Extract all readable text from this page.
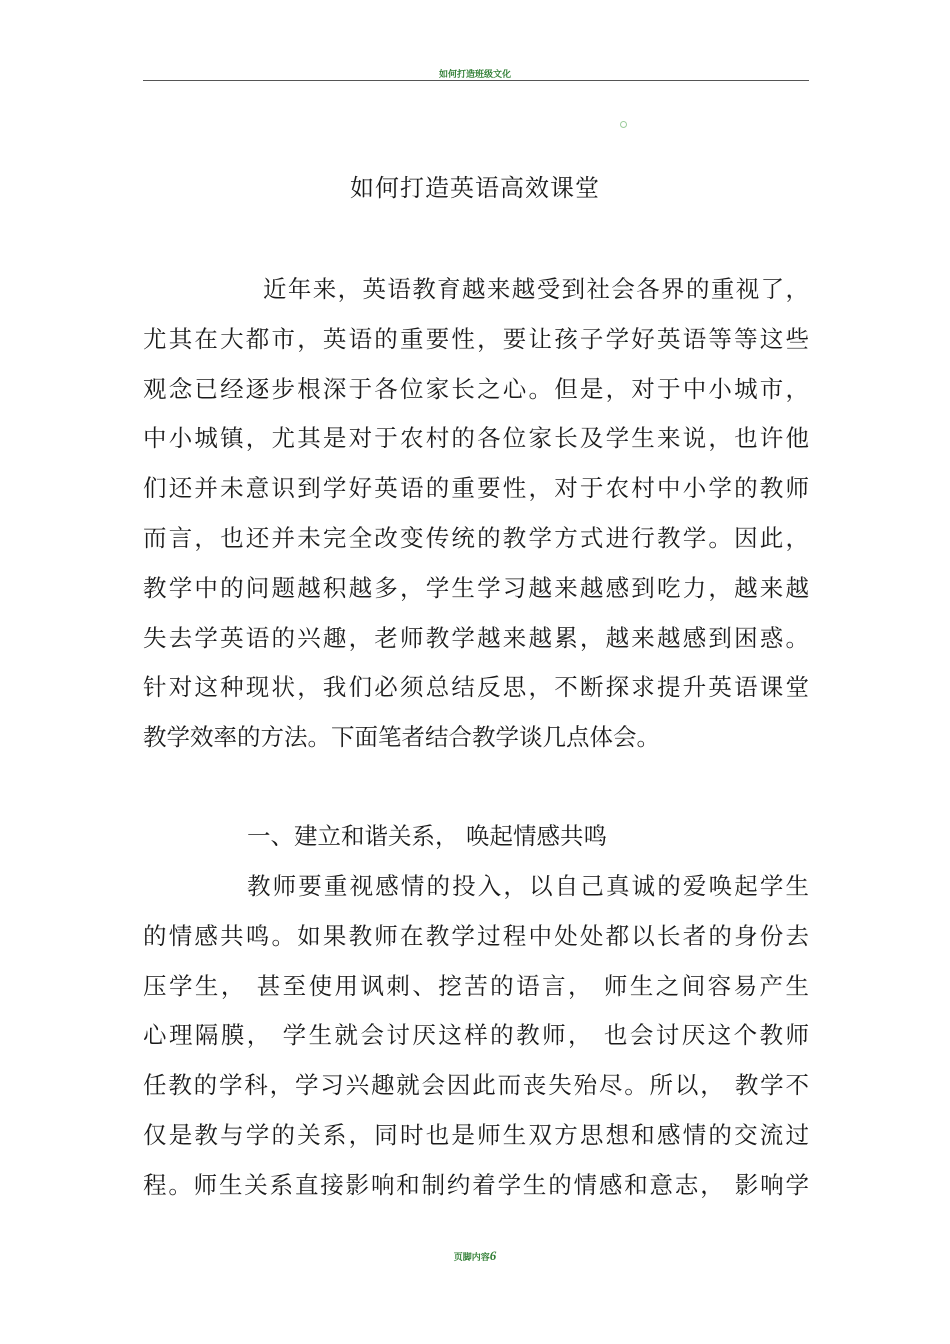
如何打造班级文化
如何打造英语高效课堂
近年来，英语教育越来越受到社会各界的重视了，
尤其在大都市，英语的重要性，要让孩子学好英语等等这些
观念已经逐步根深于各位家长之心。但是，对于中小城市，
中小城镇，尤其是对于农村的各位家长及学生来说，也许他
们还并未意识到学好英语的重要性，对于农村中小学的教师
而言，也还并未完全改变传统的教学方式进行教学。因此，
教学中的问题越积越多，学生学习越来越感到吃力，越来越
失去学英语的兴趣，老师教学越来越累，越来越感到困惑。
针对这种现状，我们必须总结反思，不断探求提升英语课堂
教学效率的方法。下面笔者结合教学谈几点体会。
一、建立和谐关系， 唤起情感共鸣
教师要重视感情的投入，以自己真诚的爱唤起学生
的情感共鸣。如果教师在教学过程中处处都以长者的身份去
压学生， 甚至使用讽刺、挖苦的语言， 师生之间容易产生
心理隔膜， 学生就会讨厌这样的教师， 也会讨厌这个教师
任教的学科，学习兴趣就会因此而丧失殆尽。所以， 教学不
仅是教与学的关系，同时也是师生双方思想和感情的交流过
程。师生关系直接影响和制约着学生的情感和意志， 影响学
页脚内容6
